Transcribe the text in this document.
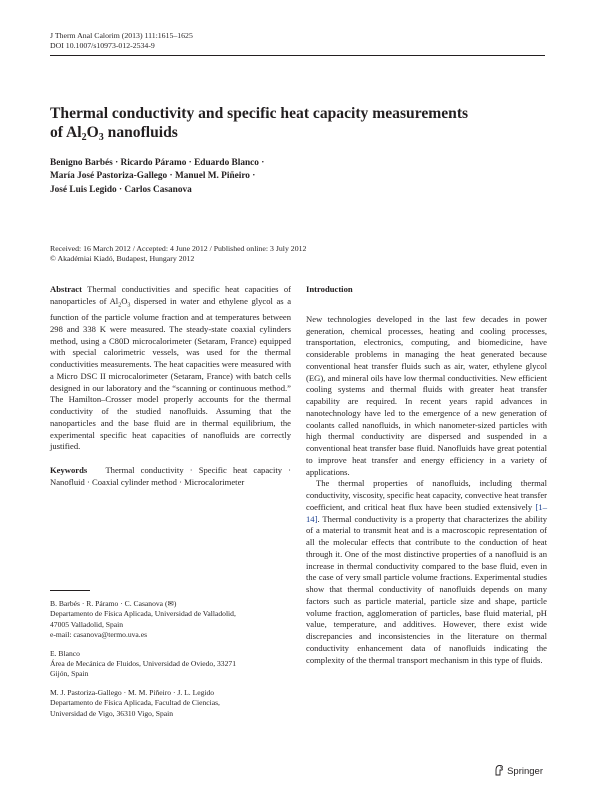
J Therm Anal Calorim (2013) 111:1615–1625
DOI 10.1007/s10973-012-2534-9
Thermal conductivity and specific heat capacity measurements
of $Al_2O_3$ nanofluids
Benigno Barbés · Ricardo Páramo · Eduardo Blanco ·
María José Pastoriza-Gallego · Manuel M. Piñeiro ·
José Luis Legido · Carlos Casanova
Received: 16 March 2012 / Accepted: 4 June 2012 / Published online: 3 July 2012
© Akadémiai Kiadó, Budapest, Hungary 2012

Abstract Thermal conductivities and specific heat capacities of nanoparticles of $Al_2O_3$ dispersed in water and ethylene glycol as a function of the particle volume fraction and at temperatures between 298 and 338 K were measured. The steady-state coaxial cylinders method, using a C80D microcalorimeter (Setaram, France) equipped with special calorimetric vessels, was used for the thermal conductivities measurements. The heat capacities were measured with a Micro DSC II microcalorimeter (Setaram, France) with batch cells designed in our laboratory and the “scanning or continuous method.” The Hamilton–Crosser model properly accounts for the thermal conductivity of the studied nanofluids. Assuming that the nanoparticles and the base fluid are in thermal equilibrium, the experimental specific heat capacities of nanofluids are correctly justified.

Keywords Thermal conductivity · Specific heat capacity · Nanofluid · Coaxial cylinder method · Microcalorimeter

B. Barbés · R. Páramo · C. Casanova (✉)
Departamento de Física Aplicada, Universidad de Valladolid,
47005 Valladolid, Spain
e-mail: casanova@termo.uva.es
E. Blanco
Área de Mecánica de Fluidos, Universidad de Oviedo, 33271
Gijón, Spain
M. J. Pastoriza-Gallego · M. M. Piñeiro · J. L. Legido
Departamento de Física Aplicada, Facultad de Ciencias,
Universidad de Vigo, 36310 Vigo, Spain

Introduction

New technologies developed in the last few decades in power generation, chemical processes, heating and cooling processes, transportation, electronics, computing, and biomedicine, have considerable problems in managing the heat generated because conventional heat transfer fluids such as air, water, ethylene glycol (EG), and mineral oils have low thermal conductivities. New efficient cooling systems and thermal fluids with greater heat transfer capability are required. In recent years rapid advances in nanotechnology have led to the emergence of a new generation of coolants called nanofluids, in which nanometer-sized particles with high thermal conductivity are dispersed and suspended in a conventional heat transfer base fluid. Nanofluids have great potential to improve heat transfer and energy efficiency in a variety of applications.

The thermal properties of nanofluids, including thermal conductivity, viscosity, specific heat capacity, convective heat transfer coefficient, and critical heat flux have been studied extensively [1–14]. Thermal conductivity is a property that characterizes the ability of a material to transmit heat and is a macroscopic representation of all the molecular effects that contribute to the conduction of heat through it. One of the most distinctive properties of a nanofluid is an increase in thermal conductivity compared to the base fluid, even in the case of very small particle volume fractions. Experimental studies show that thermal conductivity of nanofluids depends on many factors such as particle material, particle size and shape, particle volume fraction, agglomeration of particles, base fluid material, pH value, temperature, and additives. However, there exist wide discrepancies and inconsistencies in the literature on thermal conductivity enhancement data of nanofluids indicating the complexity of the thermal transport mechanism in this type of fluids.

Springer
